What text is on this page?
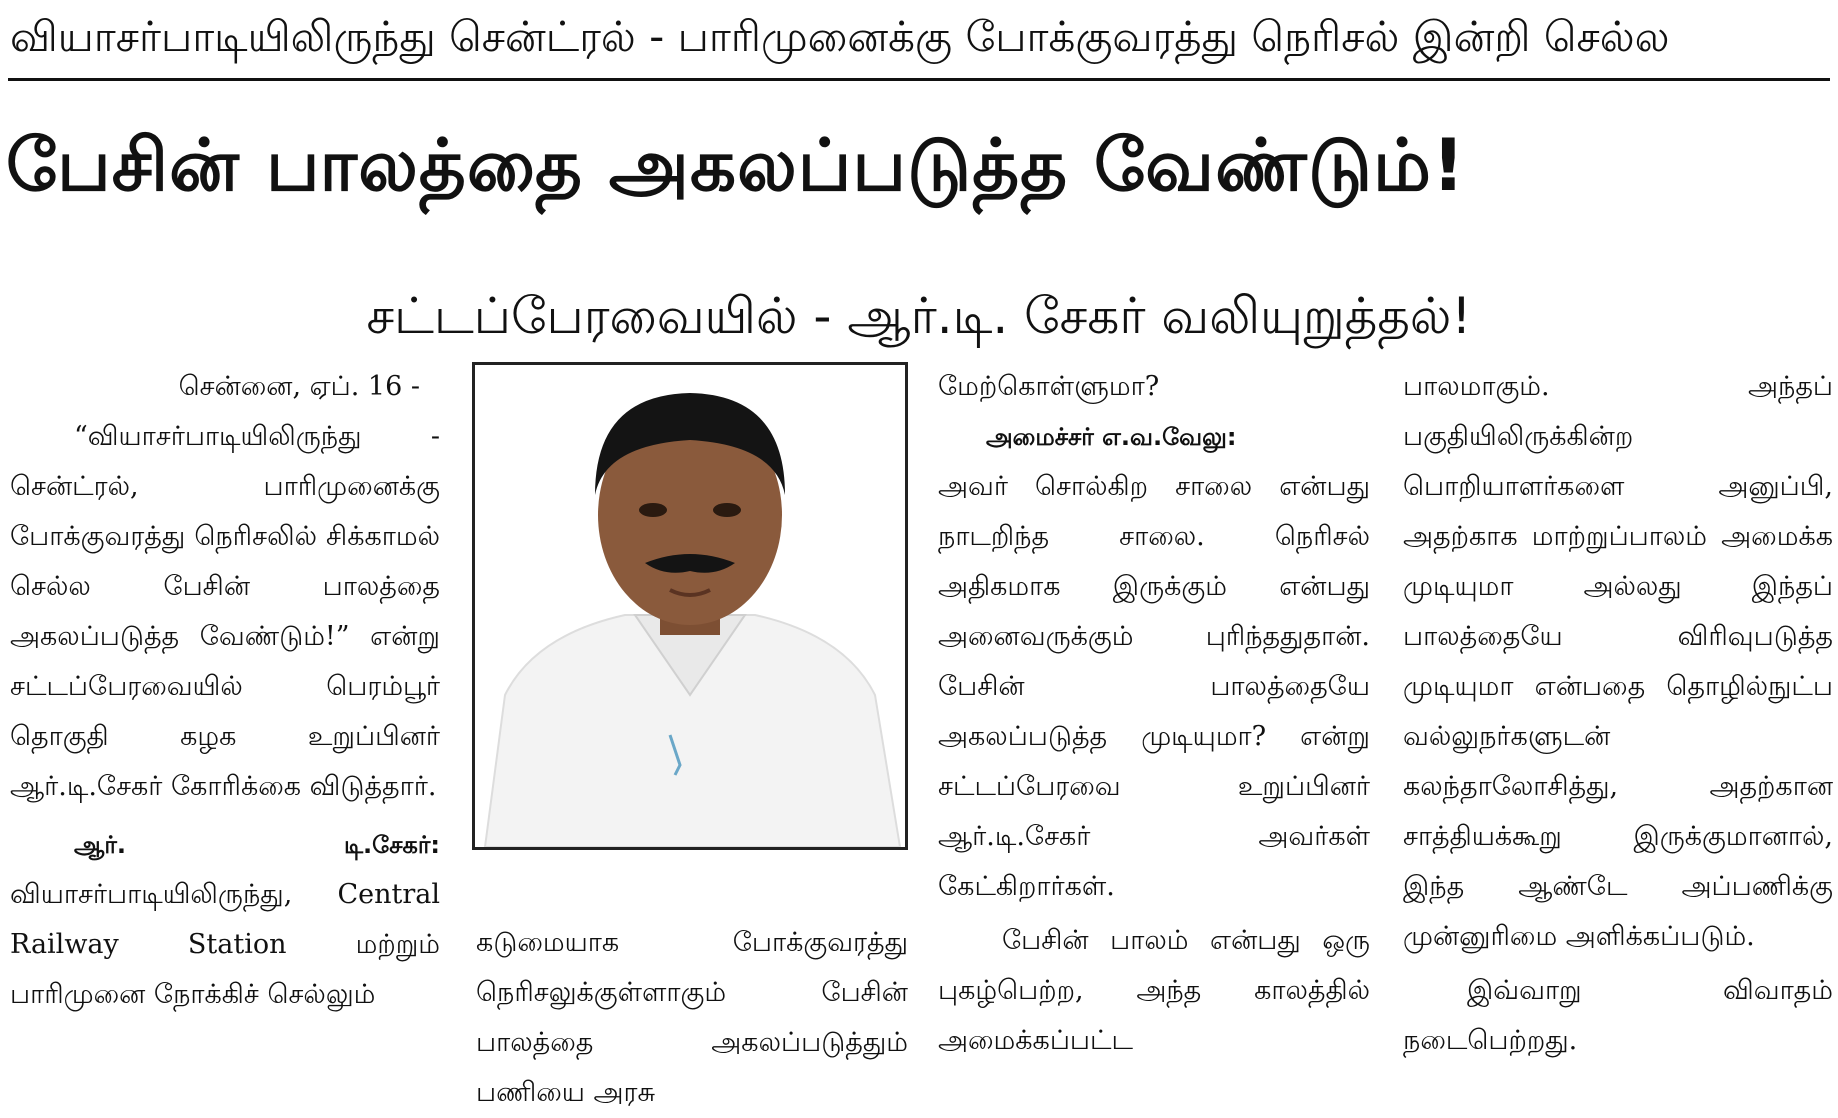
வியாசர்பாடியிலிருந்து சென்ட்ரல் - பாரிமுனைக்கு போக்குவரத்து நெரிசல் இன்றி செல்ல
பேசின் பாலத்தை அகலப்படுத்த வேண்டும்!
சட்டப்பேரவையில் - ஆர்.டி. சேகர் வலியுறுத்தல்!

சென்னை, ஏப். 16 -

“வியாசர்பாடியிலிருந்து - சென்ட்ரல், பாரிமுனைக்கு போக்குவரத்து நெரிசலில் சிக்காமல் செல்ல பேசின் பாலத்தை அகலப்படுத்த வேண்டும்!” என்று சட்டப்பேரவையில் பெரம்பூர் தொகுதி கழக உறுப்பினர் ஆர்.டி.சேகர் கோரிக்கை விடுத்தார்.

ஆர். டி.சேகர்: வியாசர்பாடியிலிருந்து, Central Railway Station மற்றும் பாரிமுனை நோக்கிச் செல்லும்

கடுமையாக போக்குவரத்து நெரிசலுக்குள்ளாகும் பேசின் பாலத்தை அகலப்படுத்தும் பணியை அரசு

மேற்கொள்ளுமா?

அமைச்சர் எ.வ.வேலு:
அவர் சொல்கிற சாலை என்பது நாடறிந்த சாலை. நெரிசல் அதிகமாக இருக்கும் என்பது அனைவருக்கும் புரிந்ததுதான். பேசின் பாலத்தையே அகலப்படுத்த முடியுமா? என்று சட்டப்பேரவை உறுப்பினர் ஆர்.டி.சேகர் அவர்கள் கேட்கிறார்கள்.

பேசின் பாலம் என்பது ஒரு புகழ்பெற்ற, அந்த காலத்தில் அமைக்கப்பட்ட

பாலமாகும். அந்தப் பகுதியிலிருக்கின்ற பொறியாளர்களை அனுப்பி, அதற்காக மாற்றுப்பாலம் அமைக்க முடியுமா அல்லது இந்தப் பாலத்தையே விரிவுபடுத்த முடியுமா என்பதை தொழில்நுட்ப வல்லுநர்களுடன் கலந்தாலோசித்து, அதற்கான சாத்தியக்கூறு இருக்குமானால், இந்த ஆண்டே அப்பணிக்கு முன்னுரிமை அளிக்கப்படும்.

இவ்வாறு விவாதம் நடைபெற்றது.
